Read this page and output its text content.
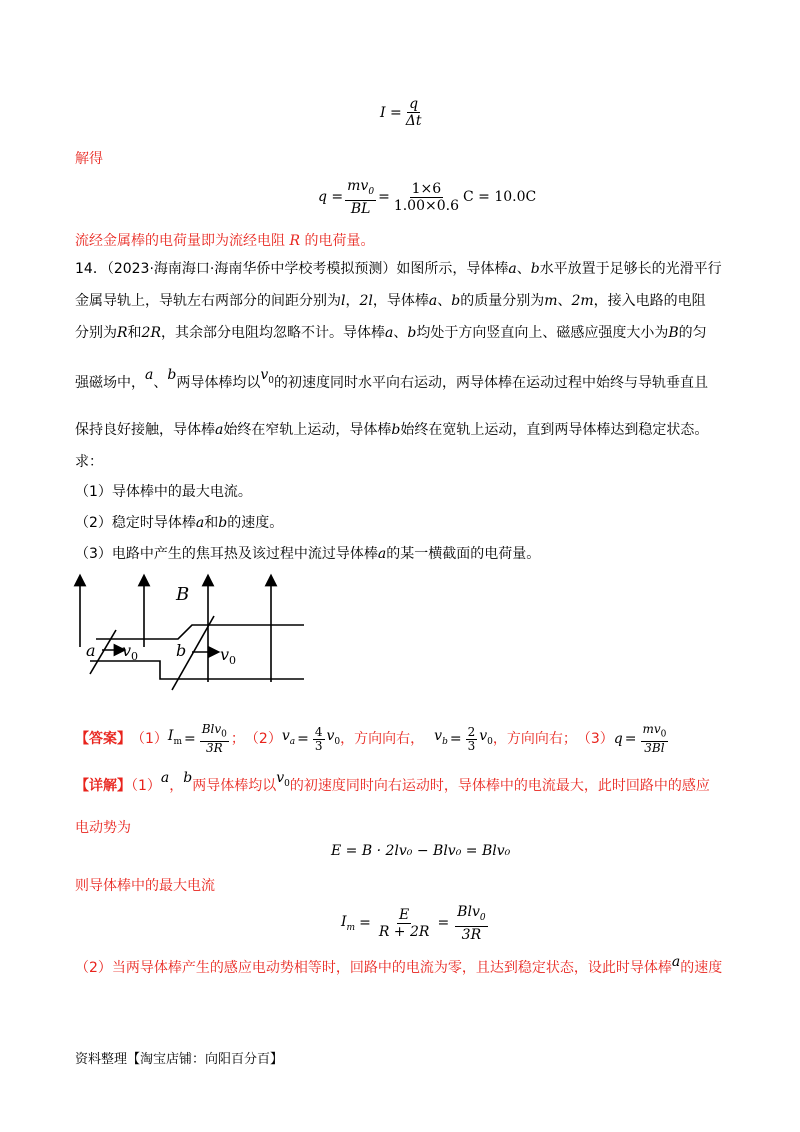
$I = \frac{q}{\Delta t}$
解得
$q = \frac{mv_0}{BL} = \frac{1\times 6}{1.00\times 0.6}$ C = 10.0C
流经金属棒的电荷量即为流经电阻 R 的电荷量。
14．（2023·海南海口·海南华侨中学校考模拟预测）如图所示，导体棒a、b水平放置于足够长的光滑平行
金属导轨上，导轨左右两部分的间距分别为l，2l，导体棒a、b的质量分别为m、2m，接入电路的电阻
分别为R和2R，其余部分电阻均忽略不计。导体棒a、b均处于方向竖直向上、磁感应强度大小为B的匀
强磁场中，a、b两导体棒均以$v_0$的初速度同时水平向右运动，两导体棒在运动过程中始终与导轨垂直且
保持良好接触，导体棒a始终在窄轨上运动，导体棒b始终在宽轨上运动，直到两导体棒达到稳定状态。
求：
（1）导体棒中的最大电流。
（2）稳定时导体棒a和b的速度。
（3）电路中产生的焦耳热及该过程中流过导体棒a的某一横截面的电荷量。
B
a $v_0$ b $v_0$
【答案】 （1） $I_m$ =
Blv$_0$
3R
； （2） $v_a = \frac{4}{3} v_0$ ，方向向右， $v_b = \frac{2}{3} v_0$ ，方向向右； （3） $q = \frac{mv_0}{3Bl}$
【详解】（1）a，b两导体棒均以$v_0$的初速度同时向右运动时，导体棒中的电流最大，此时回路中的感应
电动势为
E = B · 2lv₀ − Blv₀ = Blv₀
则导体棒中的最大电流
$I_m = \frac{E}{R + 2R}$ =
Blv$_0$
3R
（2）当两导体棒产生的感应电动势相等时，回路中的电流为零，且达到稳定状态，设此时导体棒a的速度
资料整理【淘宝店铺：向阳百分百】
